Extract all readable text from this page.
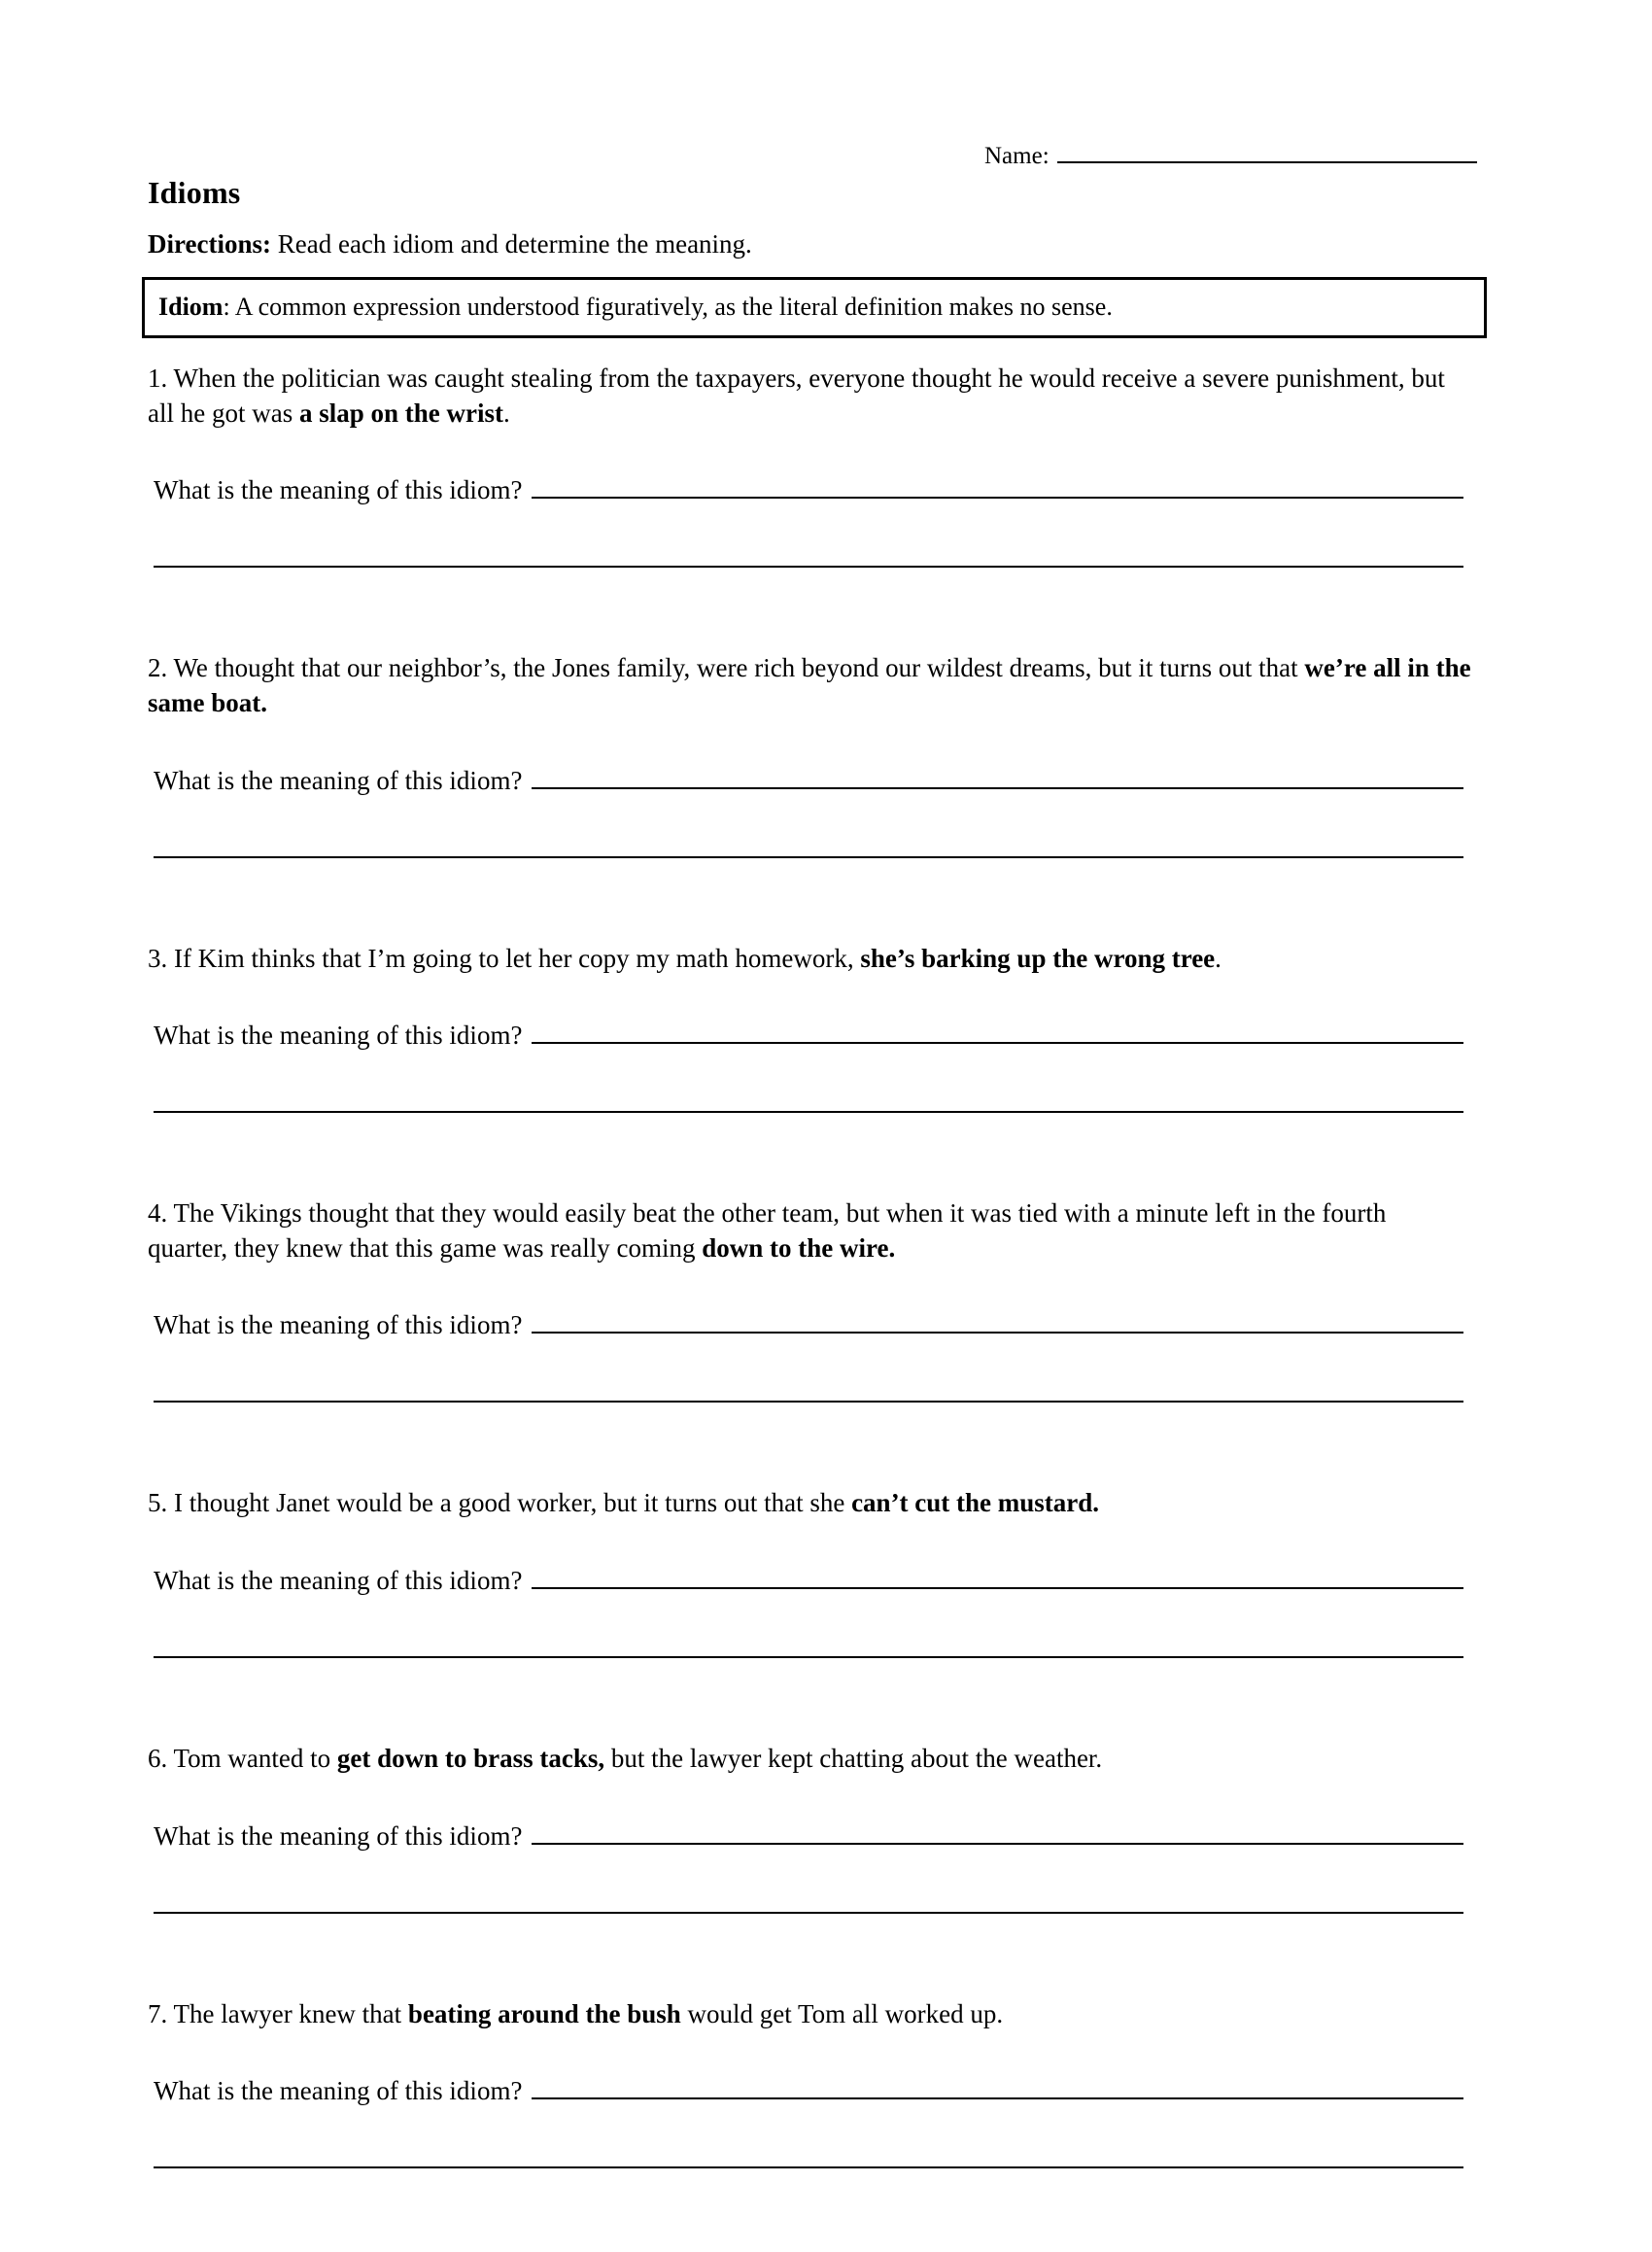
Name:
Idioms
Directions: Read each idiom and determine the meaning.
Idiom: A common expression understood figuratively, as the literal definition makes no sense.

1. When the politician was caught stealing from the taxpayers, everyone thought he would receive a severe punishment, but all he got was a slap on the wrist.

What is the meaning of this idiom?

2. We thought that our neighbor’s, the Jones family, were rich beyond our wildest dreams, but it turns out that we’re all in the same boat.

What is the meaning of this idiom?

3. If Kim thinks that I’m going to let her copy my math homework, she’s barking up the wrong tree.

What is the meaning of this idiom?

4. The Vikings thought that they would easily beat the other team, but when it was tied with a minute left in the fourth quarter, they knew that this game was really coming down to the wire.

What is the meaning of this idiom?

5. I thought Janet would be a good worker, but it turns out that she can’t cut the mustard.

What is the meaning of this idiom?

6. Tom wanted to get down to brass tacks, but the lawyer kept chatting about the weather.

What is the meaning of this idiom?

7. The lawyer knew that beating around the bush would get Tom all worked up.

What is the meaning of this idiom?
